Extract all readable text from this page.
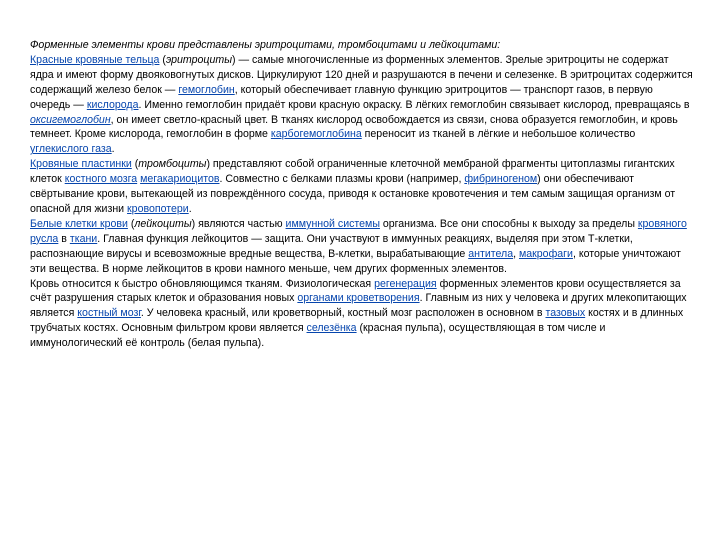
Форменные элементы крови представлены эритроцитами, тромбоцитами и лейкоцитами:

Красные кровяные тельца (эритроциты) — самые многочисленные из форменных элементов. Зрелые эритроциты не содержат ядра и имеют форму двояковогнутых дисков. Циркулируют 120 дней и разрушаются в печени и селезенке. В эритроцитах содержится содержащий железо белок — гемоглобин, который обеспечивает главную функцию эритроцитов — транспорт газов, в первую очередь — кислорода. Именно гемоглобин придаёт крови красную окраску. В лёгких гемоглобин связывает кислород, превращаясь в оксигемоглобин, он имеет светло-красный цвет. В тканях кислород освобождается из связи, снова образуется гемоглобин, и кровь темнеет. Кроме кислорода, гемоглобин в форме карбогемоглобина переносит из тканей в лёгкие и небольшое количество углекислого газа.

Кровяные пластинки (тромбоциты) представляют собой ограниченные клеточной мембраной фрагменты цитоплазмы гигантских клеток костного мозга мегакариоцитов. Совместно с белками плазмы крови (например, фибриногеном) они обеспечивают свёртывание крови, вытекающей из повреждённого сосуда, приводя к остановке кровотечения и тем самым защищая организм от опасной для жизни кровопотери.

Белые клетки крови (лейкоциты) являются частью иммунной системы организма. Все они способны к выходу за пределы кровяного русла в ткани. Главная функция лейкоцитов — защита. Они участвуют в иммунных реакциях, выделяя при этом Т-клетки, распознающие вирусы и всевозможные вредные вещества, В-клетки, вырабатывающие антитела, макрофаги, которые уничтожают эти вещества. В норме лейкоцитов в крови намного меньше, чем других форменных элементов.

Кровь относится к быстро обновляющимся тканям. Физиологическая регенерация форменных элементов крови осуществляется за счёт разрушения старых клеток и образования новых органами кроветворения. Главным из них у человека и других млекопитающих является костный мозг. У человека красный, или кроветворный, костный мозг расположен в основном в тазовых костях и в длинных трубчатых костях. Основным фильтром крови является селезёнка (красная пульпа), осуществляющая в том числе и иммунологический её контроль (белая пульпа).
